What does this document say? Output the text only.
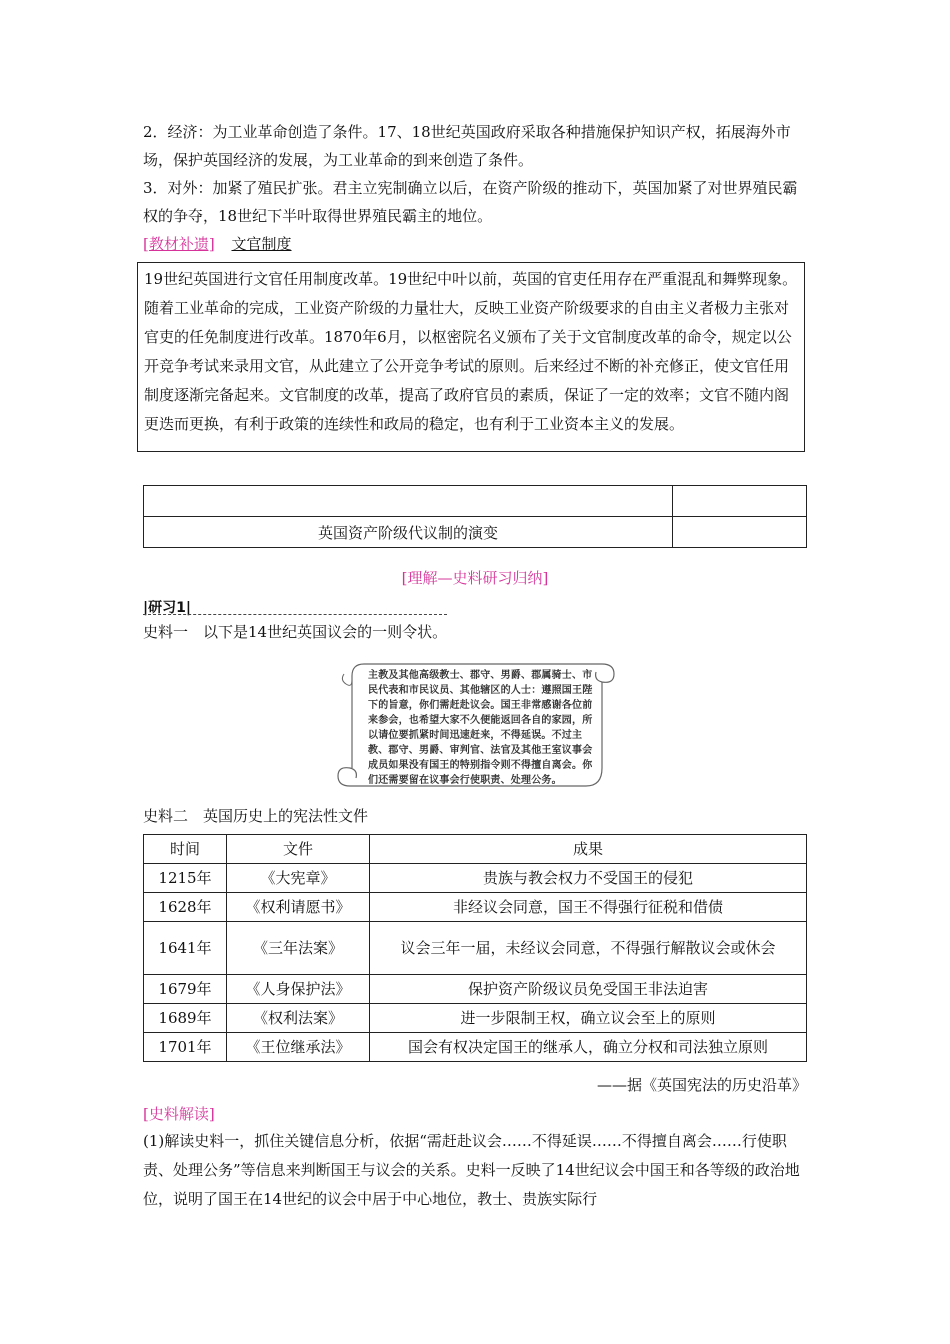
2．经济：为工业革命创造了条件。17、18世纪英国政府采取各种措施保护知识产权，拓展海外市场，保护英国经济的发展，为工业革命的到来创造了条件。

3．对外：加紧了殖民扩张。君主立宪制确立以后，在资产阶级的推动下，英国加紧了对世界殖民霸权的争夺，18世纪下半叶取得世界殖民霸主的地位。

[教材补遗] 文官制度

19世纪英国进行文官任用制度改革。19世纪中叶以前，英国的官吏任用存在严重混乱和舞弊现象。随着工业革命的完成，工业资产阶级的力量壮大，反映工业资产阶级要求的自由主义者极力主张对官吏的任免制度进行改革。1870年6月，以枢密院名义颁布了关于文官制度改革的命令，规定以公开竞争考试来录用文官，从此建立了公开竞争考试的原则。后来经过不断的补充修正，使文官任用制度逐渐完备起来。文官制度的改革，提高了政府官员的素质，保证了一定的效率；文官不随内阁更迭而更换，有利于政策的连续性和政局的稳定，也有利于工业资本主义的发展。

英国资产阶级代议制的演变	
[理解—史料研习归纳]
|研习1|

史料一　以下是14世纪英国议会的一则令状。

主教及其他高级教士、郡守、男爵、郡属骑士、市民代表和市民议员、其他辖区的人士：遵照国王陛下的旨意，你们需赶赴议会。国王非常感谢各位前来参会，也希望大家不久便能返回各自的家园，所以请位要抓紧时间迅速赶来，不得延误。不过主教、郡守、男爵、审判官、法官及其他王室议事会成员如果没有国王的特别指令则不得擅自离会。你们还需要留在议事会行使职责、处理公务。

史料二　英国历史上的宪法性文件

时间	文件	成果
1215年	《大宪章》	贵族与教会权力不受国王的侵犯
1628年	《权利请愿书》	非经议会同意，国王不得强行征税和借债
1641年	《三年法案》	议会三年一届，未经议会同意，不得强行解散议会或休会
1679年	《人身保护法》	保护资产阶级议员免受国王非法迫害
1689年	《权利法案》	进一步限制王权，确立议会至上的原则
1701年	《王位继承法》	国会有权决定国王的继承人，确立分权和司法独立原则
——据《英国宪法的历史沿革》

[史料解读]

(1)解读史料一，抓住关键信息分析，依据“需赶赴议会……不得延误……不得擅自离会……行使职责、处理公务”等信息来判断国王与议会的关系。史料一反映了14世纪议会中国王和各等级的政治地位，说明了国王在14世纪的议会中居于中心地位，教士、贵族实际行
